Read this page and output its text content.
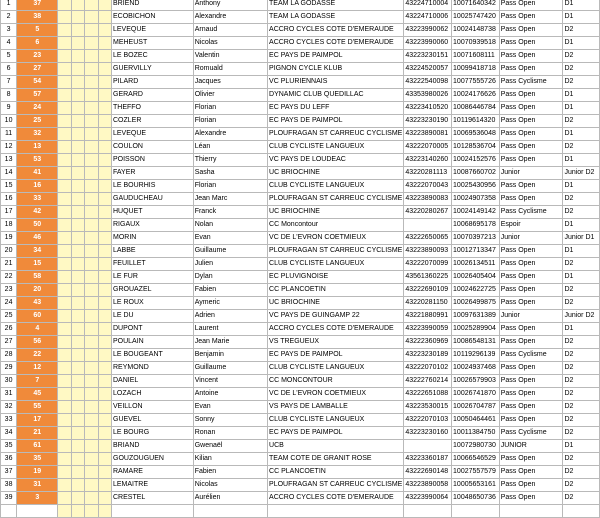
1	37					BRIEND	Anthony	TEAM LA GODASSE	43224710004	10071640342	Pass Open	D1
2	38					ECOBICHON	Alexandre	TEAM LA GODASSE	43224710006	10025747420	Pass Open	D1
3	5					LEVEQUE	Arnaud	ACCRO CYCLES COTE D'EMERAUDE	43223990062	10024148738	Pass Open	D2
4	6					MEHEUST	Nicolas	ACCRO CYCLES COTE D'EMERAUDE	43223990060	10070939518	Pass Open	D1
5	23					LE BOZEC	Valentin	EC PAYS DE PAIMPOL	43223230151	10071608111	Pass Open	D2
6	27					GUERVILLY	Romuald	PIGNON CYCLE KLUB	43224520057	10099418718	Pass Open	D2
7	54					PILARD	Jacques	VC PLURIENNAIS	43222540098	10077555726	Pass Cyclisme	D2
8	57					GERARD	Olivier	DYNAMIC CLUB QUEDILLAC	43353980026	10024176626	Pass Open	D1
9	24					THEFFO	Florian	EC PAYS DU LEFF	43223410520	10086446784	Pass Open	D1
10	25					COZLER	Florian	EC PAYS DE PAIMPOL	43223230190	10119614320	Pass Open	D2
11	32					LEVEQUE	Alexandre	PLOUFRAGAN ST CARREUC CYCLISME	43223890081	10069536048	Pass Open	D1
12	13					COULON	Léan	CLUB CYCLISTE LANGUEUX	43222070005	10128536704	Pass Open	D2
13	53					POISSON	Thierry	VC PAYS DE LOUDEAC	43223140260	10024152576	Pass Open	D1
14	41					FAYER	Sasha	UC BRIOCHINE	43220281113	10087660702	Junior	Junior D2
15	16					LE BOURHIS	Florian	CLUB CYCLISTE LANGUEUX	43222070043	10025430956	Pass Open	D1
16	33					GAUDUCHEAU	Jean Marc	PLOUFRAGAN ST CARREUC CYCLISME	43223890083	10024907358	Pass Open	D2
17	42					HUQUET	Franck	UC BRIOCHINE	43220280267	10024149142	Pass Cyclisme	D2
18	50					RIGAUX	Nolan	CC Moncontour		10068695178	Espoir	D1
19	46					MORIN	Evan	VC DE L'EVRON COETMIEUX	43222650065	10070397213	Junior	Junior D1
20	34					LABBE	Guillaume	PLOUFRAGAN ST CARREUC CYCLISME	43223890093	10012713347	Pass Open	D1
21	15					FEUILLET	Julien	CLUB CYCLISTE LANGUEUX	43222070099	10026134511	Pass Open	D2
22	58					LE FUR	Dylan	EC PLUVIGNOISE	43561360225	10026405404	Pass Open	D1
23	20					GROUAZEL	Fabien	CC PLANCOETIN	43222690109	10024622725	Pass Open	D2
24	43					LE ROUX	Aymeric	UC BRIOCHINE	43220281150	10026499875	Pass Open	D2
25	60					LE DU	Adrien	VC PAYS DE GUINGAMP 22	43221880991	10097631389	Junior	Junior D2
26	4					DUPONT	Laurent	ACCRO CYCLES COTE D'EMERAUDE	43223990059	10025289904	Pass Open	D1
27	56					POULAIN	Jean Marie	VS TREGUEUX	43222360969	10086548131	Pass Open	D2
28	22					LE BOUGEANT	Benjamin	EC PAYS DE PAIMPOL	43223230189	10119296139	Pass Cyclisme	D2
29	12					REYMOND	Guillaume	CLUB CYCLISTE LANGUEUX	43222070102	10024937468	Pass Open	D2
30	7					DANIEL	Vincent	CC MONCONTOUR	43222760214	10026579903	Pass Open	D2
31	45					LOZACH	Antoine	VC DE L'EVRON COETMIEUX	43222651088	10026741870	Pass Open	D2
32	55					VEILLON	Evan	VS PAYS DE LAMBALLE	43223530015	10026704787	Pass Open	D2
33	17					GUEVEL	Sonny	CLUB CYCLISTE LANGUEUX	43222070103	10050464461	Pass Open	D2
34	21					LE BOURG	Ronan	EC PAYS DE PAIMPOL	43223230160	10011384750	Pass Cyclisme	D2
35	61					BRIAND	Gwenaël	UCB		10072980730	JUNIOR	D1
36	35					GOUZOUGUEN	Kilian	TEAM COTE DE GRANIT ROSE	43223360187	10066546529	Pass Open	D2
37	19					RAMARE	Fabien	CC PLANCOETIN	43222690148	10027557579	Pass Open	D2
38	31					LEMAITRE	Nicolas	PLOUFRAGAN ST CARREUC CYCLISME	43223890058	10005653161	Pass Open	D2
39	3					CRESTEL	Aurélien	ACCRO CYCLES COTE D'EMERAUDE	43223990064	10048650736	Pass Open	D2
